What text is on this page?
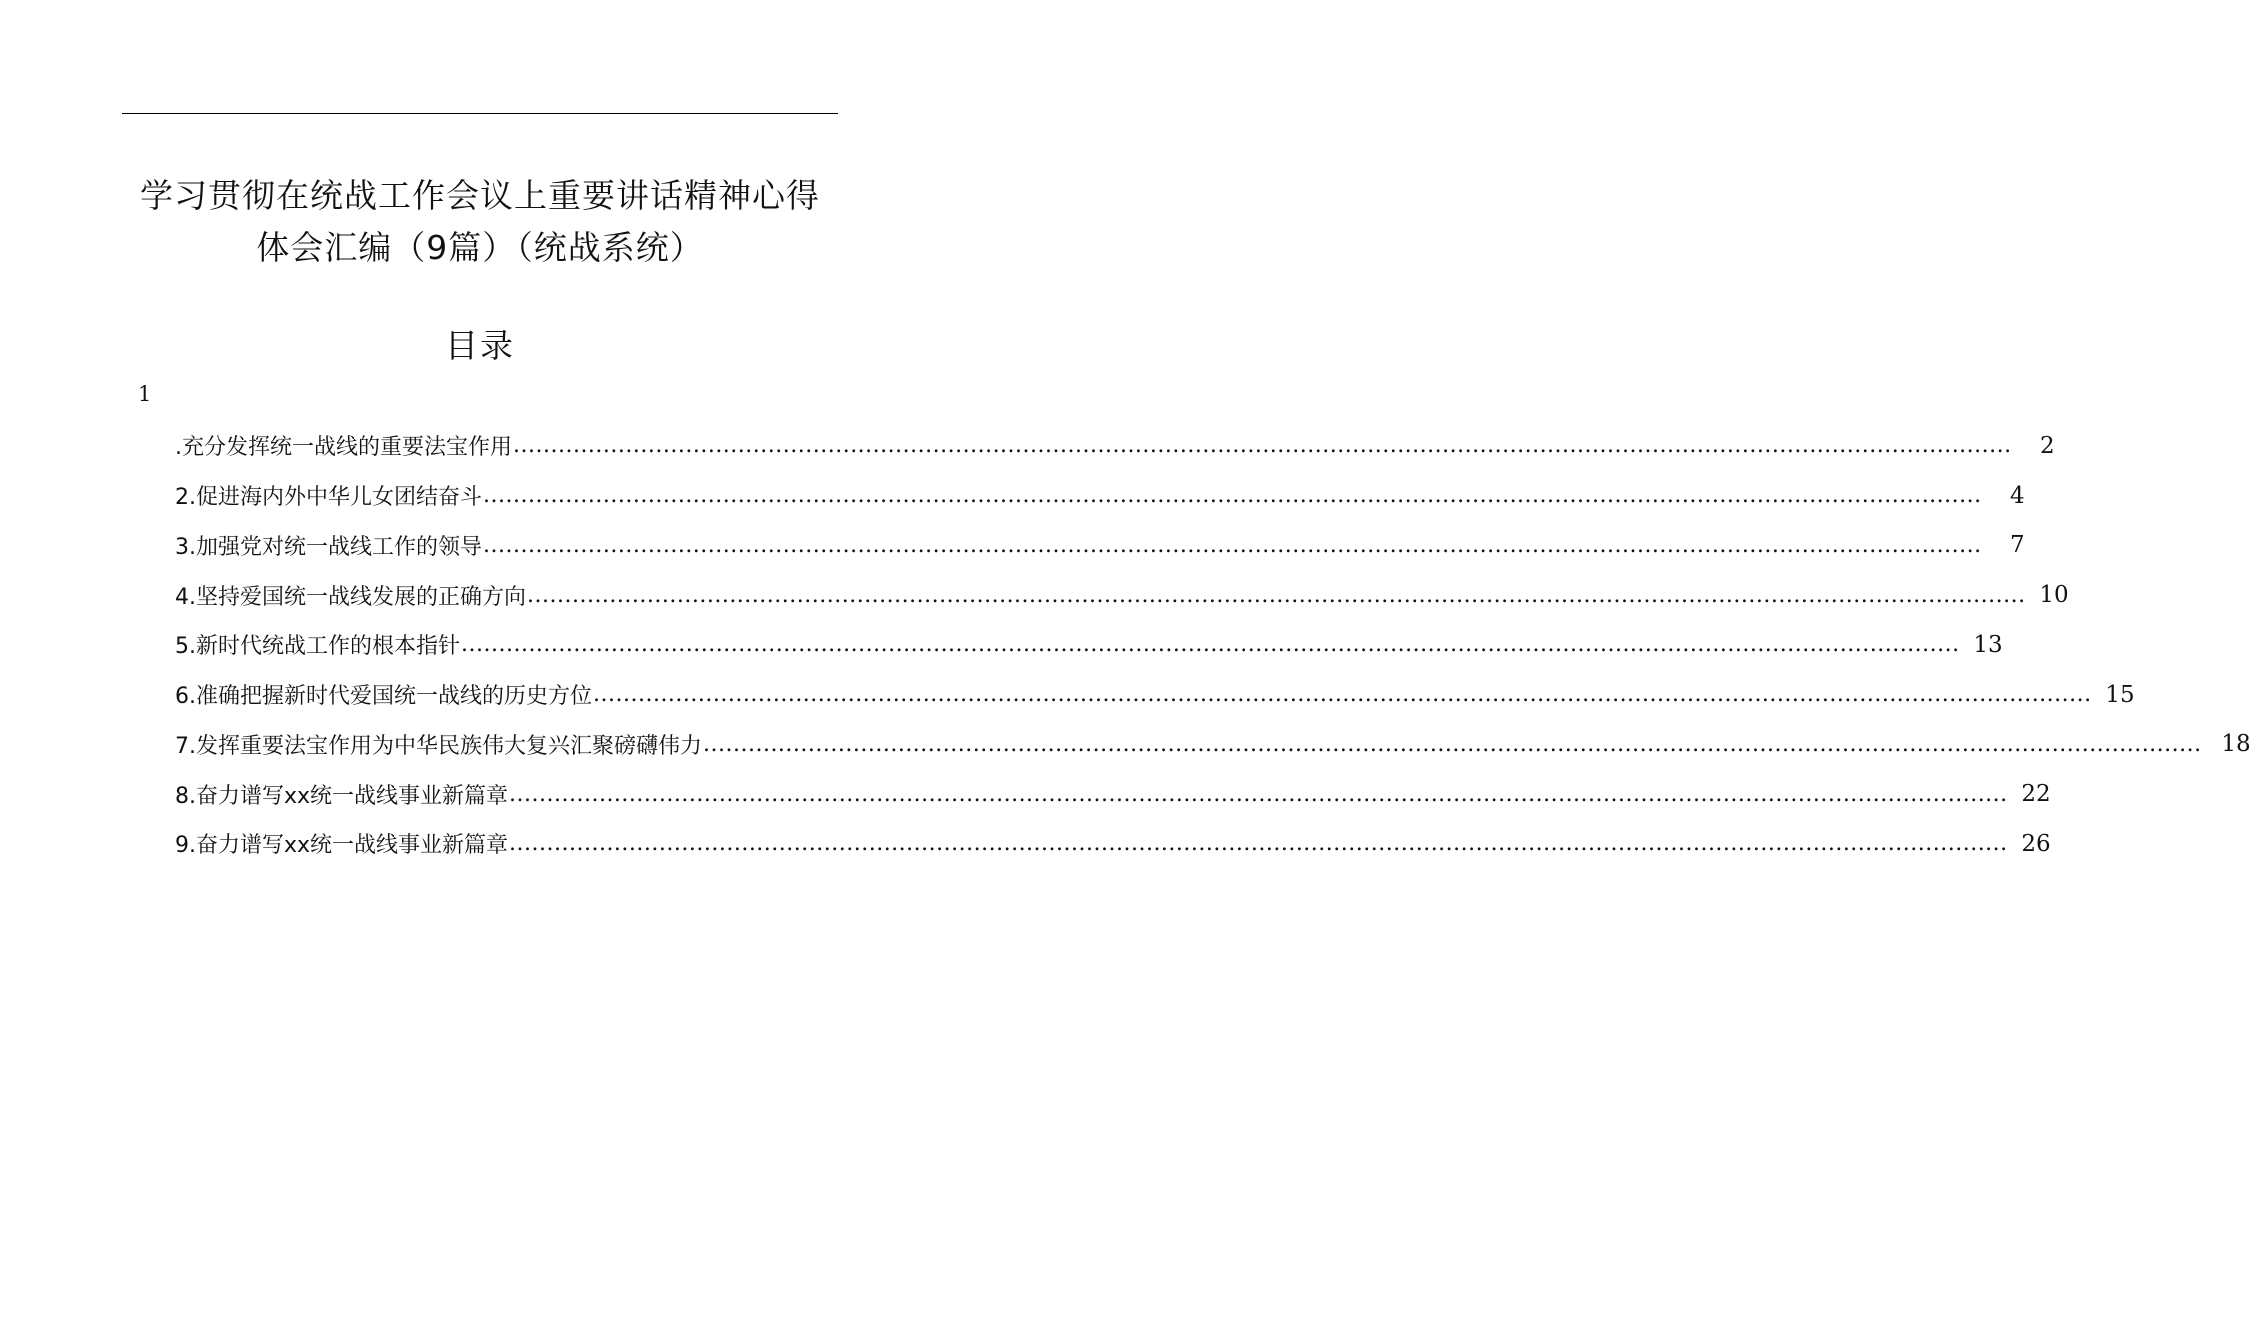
学习贯彻在统战工作会议上重要讲话精神心得
体会汇编（9篇）（统战系统）
目录
1
.充分发挥统一战线的重要法宝作用 ........................................................................................................................................................................................................	2
2.促进海内外中华儿女团结奋斗 ........................................................................................................................................................................................................	4
3.加强党对统一战线工作的领导 ........................................................................................................................................................................................................	7
4.坚持爱国统一战线发展的正确方向 ........................................................................................................................................................................................................ 10
5.新时代统战工作的根本指针 ........................................................................................................................................................................................................ 13
6.准确把握新时代爱国统一战线的历史方位 ........................................................................................................................................................................................................ 15
7.发挥重要法宝作用为中华民族伟大复兴汇聚磅礴伟力 ........................................................................................................................................................................................................ 18
8.奋力谱写xx统一战线事业新篇章 ........................................................................................................................................................................................................ 22
9.奋力谱写xx统一战线事业新篇章 ........................................................................................................................................................................................................ 26
